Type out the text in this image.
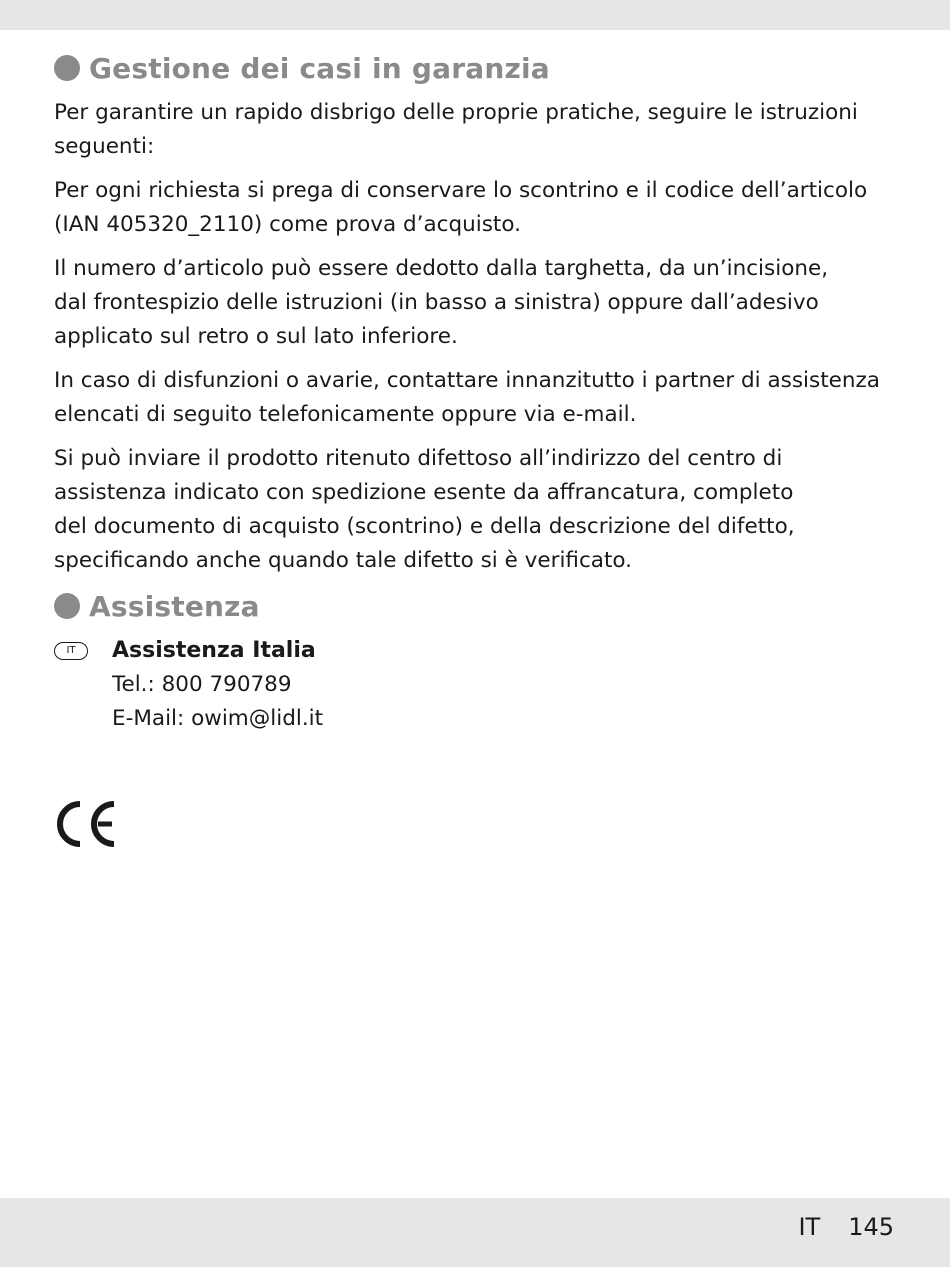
Gestione dei casi in garanzia

Per garantire un rapido disbrigo delle proprie pratiche, seguire le istruzioni
seguenti:

Per ogni richiesta si prega di conservare lo scontrino e il codice dell’articolo
(IAN 405320_2110) come prova d’acquisto.

Il numero d’articolo può essere dedotto dalla targhetta, da un’incisione,
dal frontespizio delle istruzioni (in basso a sinistra) oppure dall’adesivo
applicato sul retro o sul lato inferiore.

In caso di disfunzioni o avarie, contattare innanzitutto i partner di assistenza
elencati di seguito telefonicamente oppure via e-mail.

Si può inviare il prodotto ritenuto difettoso all’indirizzo del centro di
assistenza indicato con spedizione esente da affrancatura, completo
del documento di acquisto (scontrino) e della descrizione del difetto,
specificando anche quando tale difetto si è verificato.

Assistenza
IT	Assistenza Italia

Tel.: 800 790789

E-Mail: owim@lidl.it

IT 145
